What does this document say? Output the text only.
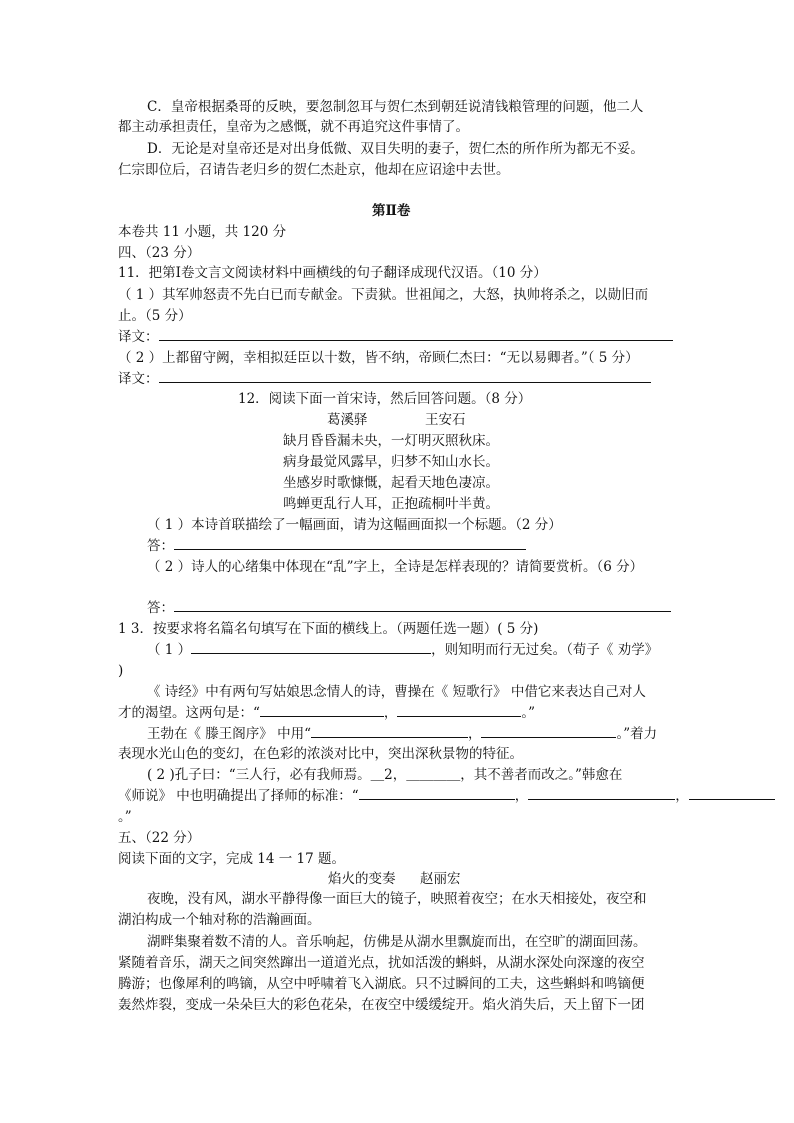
C．皇帝根据桑哥的反映，要忽制忽耳与贺仁杰到朝廷说清钱粮管理的问题，他二人
都主动承担责任，皇帝为之感慨，就不再追究这件事情了。
D．无论是对皇帝还是对出身低微、双目失明的妻子，贺仁杰的所作所为都无不妥。
仁宗即位后，召请告老归乡的贺仁杰赴京，他却在应诏途中去世。
第Ⅱ卷
本卷共 11 小题，共 120 分
四、（23 分）
11．把第Ⅰ卷文言文阅读材料中画横线的句子翻译成现代汉语。（10 分）
（ 1 ）其军帅怒责不先白已而专献金。下责狱。世祖闻之，大怒，执帅将杀之，以勋旧而
止。（5 分）
译文：
（ 2 ）上都留守阙，幸相拟廷臣以十数，皆不纳，帝顾仁杰曰：“无以易卿者。”（ 5 分）
译文：
12．阅读下面一首宋诗，然后回答问题。（8 分）
葛溪驿	王安石
缺月昏昏漏未央，一灯明灭照秋床。
病身最觉风露早，归梦不知山水长。
坐感岁时歌慷慨，起看天地色凄凉。
鸣蝉更乱行人耳，正抱疏桐叶半黄。
（ 1 ）本诗首联描绘了一幅画面，请为这幅画面拟一个标题。（2 分）
答：
（ 2 ）诗人的心绪集中体现在“乱”字上，全诗是怎样表现的？请简要赏析。（6 分）
答：
1 3．按要求将名篇名句填写在下面的横线上。（两题任选一题）( 5 分)
（ 1 ）	，则知明而行无过矣。（荀子《 劝学》
)
《 诗经》中有两句写姑娘思念情人的诗，曹操在《 短歌行》 中借它来表达自己对人
才的渴望。这两句是：“	，	。”
王勃在《 滕王阁序》 中用“	，	。”着力
表现水光山色的变幻，在色彩的浓淡对比中，突出深秋景物的特征。
( 2 )孔子曰：“三人行，必有我师焉。＿2，＿＿＿＿，其不善者而改之。”韩愈在
《师说》 中也明确提出了择师的标准：“	，	，
。”
五、（22 分）
阅读下面的文字，完成 14 一 17 题。
焰火的变奏 赵丽宏
夜晚，没有风，湖水平静得像一面巨大的镜子，映照着夜空；在水天相接处，夜空和
湖泊构成一个轴对称的浩瀚画面。
湖畔集聚着数不清的人。音乐响起，仿佛是从湖水里飘旋而出，在空旷的湖面回荡。
紧随着音乐，湖天之间突然蹿出一道道光点，扰如活泼的蝌蚪，从湖水深处向深邃的夜空
腾游；也像犀利的鸣镝，从空中呼啸着飞入湖底。只不过瞬间的工夫，这些蝌蚪和鸣镝便
轰然炸裂，变成一朵朵巨大的彩色花朵，在夜空中缓缓绽开。焰火消失后，天上留下一团
